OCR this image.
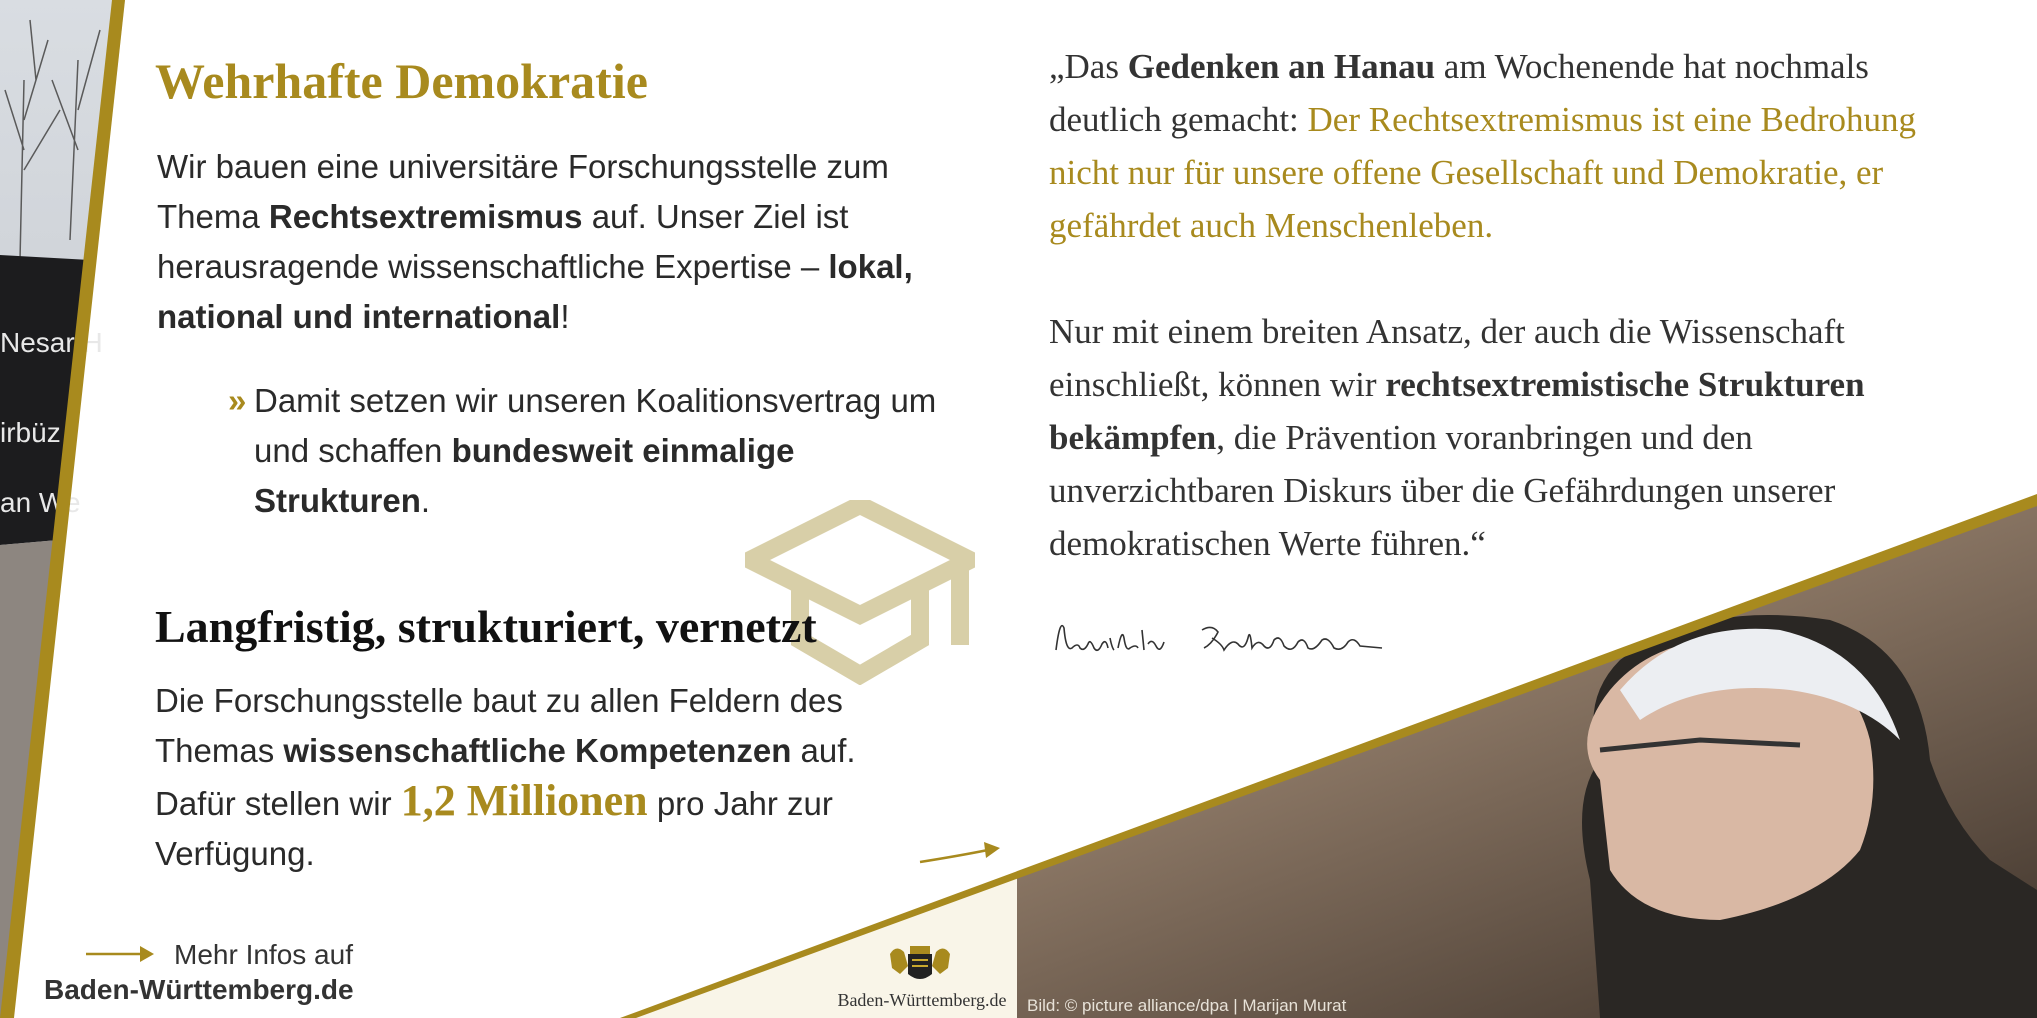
Nesar H
irbüz
an We
Wehrhafte Demokratie
Wir bauen eine universitäre Forschungsstelle zum Thema Rechtsextremismus auf. Unser Ziel ist herausragende wissenschaftliche Expertise – lokal, national und international!
» Damit setzen wir unseren Koalitionsvertrag um und schaffen bundesweit einmalige Strukturen.
Langfristig, strukturiert, vernetzt
Die Forschungsstelle baut zu allen Feldern des Themas wissenschaftliche Kompetenzen auf. Dafür stellen wir 1,2 Millionen pro Jahr zur Verfügung.
Mehr Infos auf
Baden-Württemberg.de
„Das Gedenken an Hanau am Wochenende hat nochmals deutlich gemacht: Der Rechtsextremismus ist eine Bedrohung nicht nur für unsere offene Gesellschaft und Demokratie, er gefährdet auch Menschenleben.
Nur mit einem breiten Ansatz, der auch die Wissenschaft einschließt, können wir rechtsextremistische Strukturen bekämpfen, die Prävention voranbringen und den unverzichtbaren Diskurs über die Gefährdungen unserer demokratischen Werte führen.“
Baden-Württemberg.de	Bild: © picture alliance/dpa | Marijan Murat
